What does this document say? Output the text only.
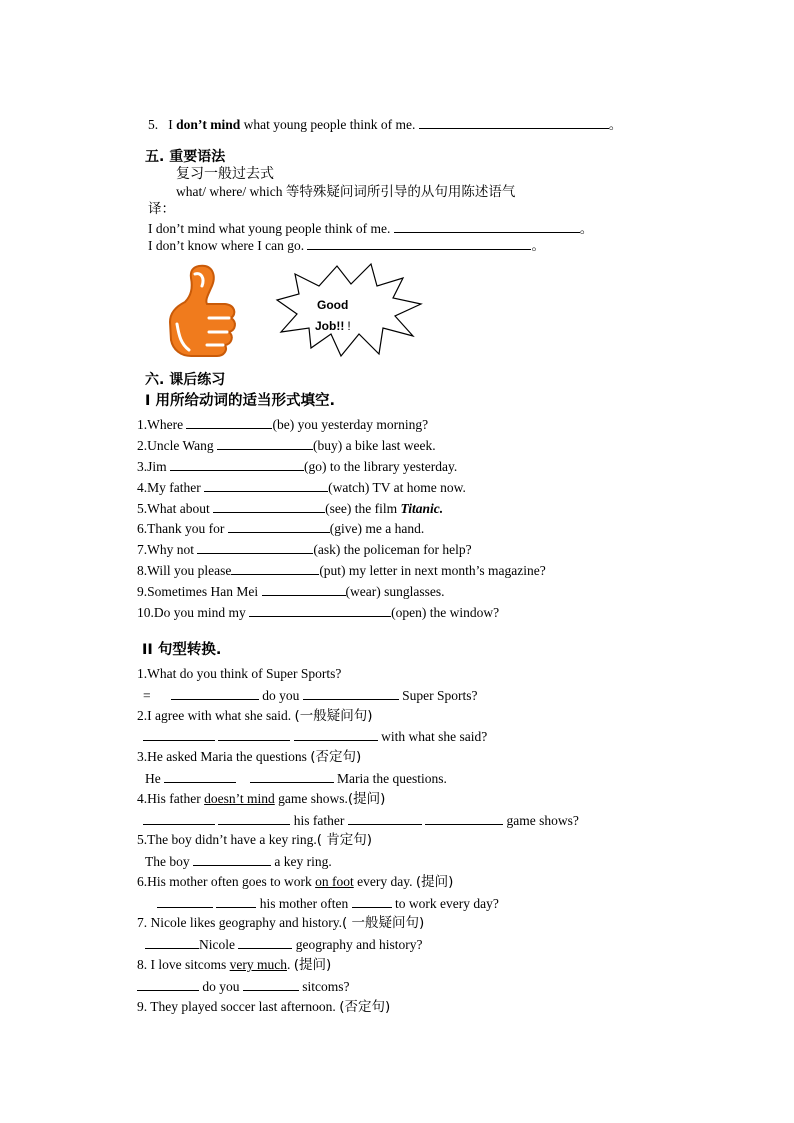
5. I don’t mind what young people think of me.	。
五. 重要语法
复习一般过去式
what/ where/ which 等特殊疑问词所引导的从句用陈述语气
译：
I don’t mind what young people think of me.	。
I don’t know where I can go.	。
Good
Job!! !
六. 课后练习
I 用所给动词的适当形式填空.
1.Where	(be) you yesterday morning?
2.Uncle Wang	(buy) a bike last week.
3.Jim	(go) to the library yesterday.
4.My father	(watch) TV at home now.
5.What about	(see) the film Titanic.
6.Thank you for	(give) me a hand.
7.Why not	(ask) the policeman for help?
8.Will you please	(put) my letter in next month’s magazine?
9.Sometimes Han Mei	(wear) sunglasses.
10.Do you mind my	(open) the window?
II 句型转换.
1.What do you think of Super Sports?
=	do you	Super Sports?
2.I agree with what she said. (一般疑问句)
with what she said?
3.He asked Maria the questions (否定句)
He	Maria the questions.
4.His father doesn’t mind game shows.(提问)
his father	game shows?
5.The boy didn’t have a key ring.( 肯定句)
The boy	a key ring.
6.His mother often goes to work on foot every day. (提问)
his mother often	to work every day?
7. Nicole likes geography and history.( 一般疑问句)
Nicole	geography and history?
8. I love sitcoms very much. (提问)
do you	sitcoms?
9. They played soccer last afternoon. (否定句)
